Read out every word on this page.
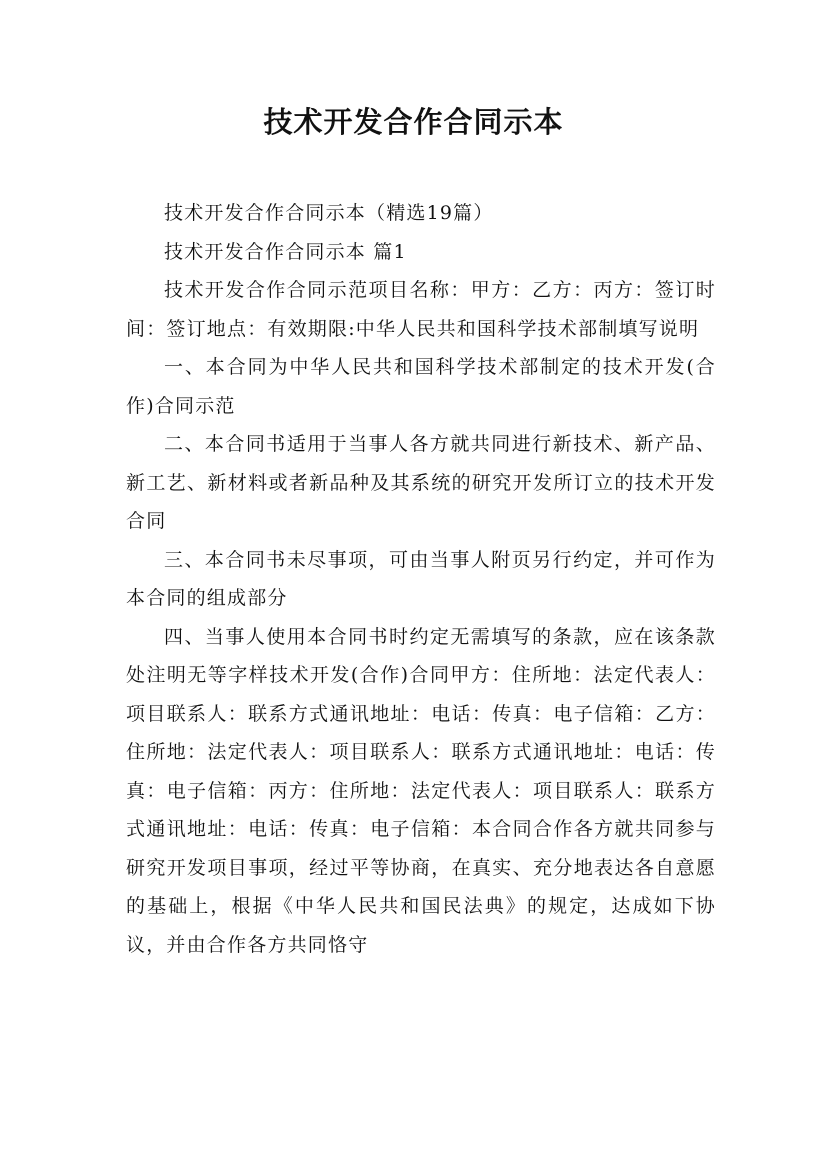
技术开发合作合同示本

技术开发合作合同示本（精选19篇）

技术开发合作合同示本 篇1

技术开发合作合同示范项目名称：甲方：乙方：丙方：签订时间：签订地点：有效期限:中华人民共和国科学技术部制填写说明

一、本合同为中华人民共和国科学技术部制定的技术开发(合作)合同示范

二、本合同书适用于当事人各方就共同进行新技术、新产品、新工艺、新材料或者新品种及其系统的研究开发所订立的技术开发合同

三、本合同书未尽事项，可由当事人附页另行约定，并可作为本合同的组成部分

四、当事人使用本合同书时约定无需填写的条款，应在该条款处注明无等字样技术开发(合作)合同甲方：住所地：法定代表人：项目联系人：联系方式通讯地址：电话：传真：电子信箱：乙方：住所地：法定代表人：项目联系人：联系方式通讯地址：电话：传真：电子信箱：丙方：住所地：法定代表人：项目联系人：联系方式通讯地址：电话：传真：电子信箱：本合同合作各方就共同参与研究开发项目事项，经过平等协商，在真实、充分地表达各自意愿的基础上，根据《中华人民共和国民法典》的规定，达成如下协议，并由合作各方共同恪守
